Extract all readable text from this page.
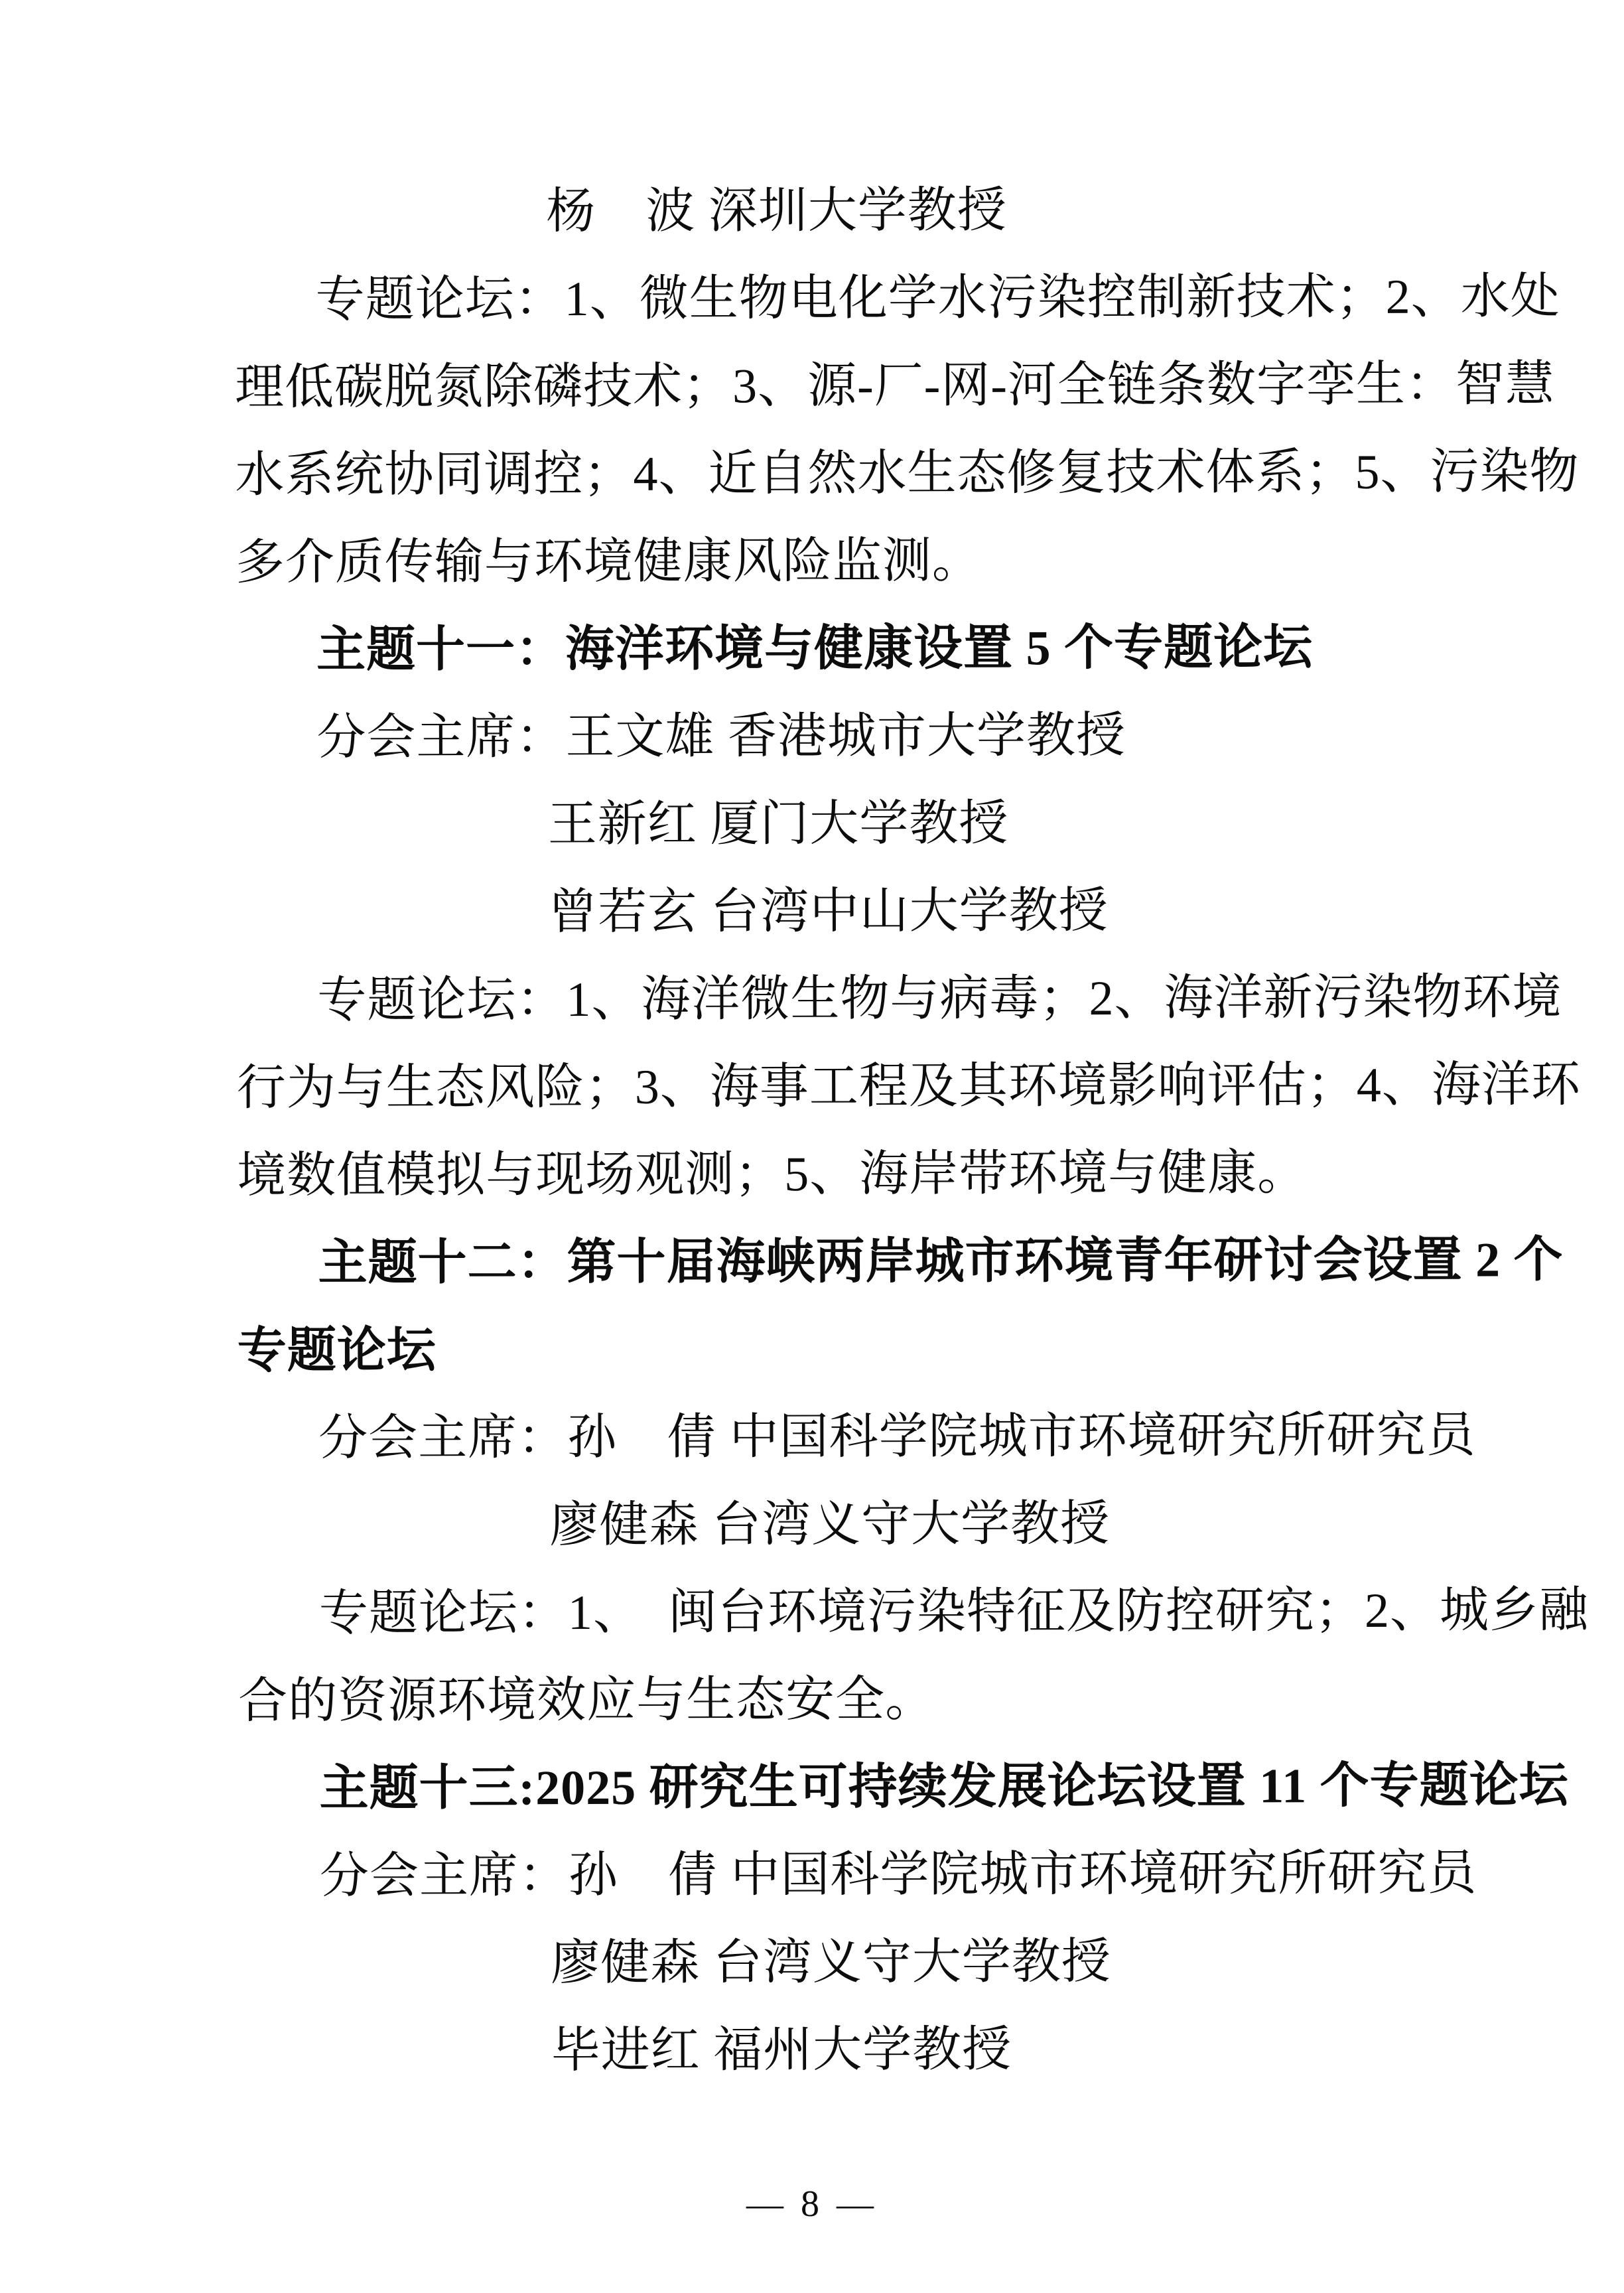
杨　波 深圳大学教授
专题论坛：1、微生物电化学水污染控制新技术；2、水处
理低碳脱氮除磷技术；3、源-厂-网-河全链条数字孪生：智慧
水系统协同调控；4、近自然水生态修复技术体系；5、污染物
多介质传输与环境健康风险监测。
主题十一：海洋环境与健康设置 5 个专题论坛
分会主席：王文雄 香港城市大学教授
王新红 厦门大学教授
曾若玄 台湾中山大学教授
专题论坛：1、海洋微生物与病毒；2、海洋新污染物环境
行为与生态风险；3、海事工程及其环境影响评估；4、海洋环
境数值模拟与现场观测；5、海岸带环境与健康。
主题十二：第十届海峡两岸城市环境青年研讨会设置 2 个
专题论坛
分会主席：孙　倩 中国科学院城市环境研究所研究员
廖健森 台湾义守大学教授
专题论坛：1、　闽台环境污染特征及防控研究；2、城乡融
合的资源环境效应与生态安全。
主题十三:2025 研究生可持续发展论坛设置 11 个专题论坛
分会主席：孙　倩 中国科学院城市环境研究所研究员
廖健森 台湾义守大学教授
毕进红 福州大学教授
— 8 —
